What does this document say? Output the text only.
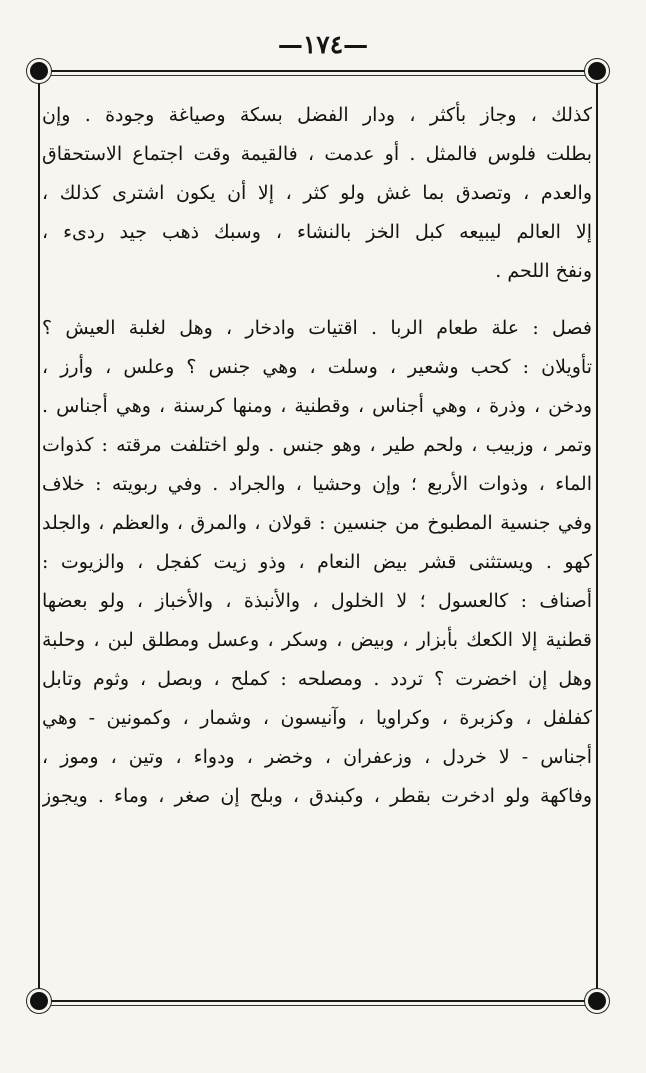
—١٧٤—
كذلك ، وجاز بأكثر ، ودار الفضل بسكة وصياغة وجودة . وإن
بطلت فلوس فالمثل . أو عدمت ، فالقيمة وقت اجتماع الاستحقاق
والعدم ، وتصدق بما غش ولو كثر ، إلا أن يكون اشترى كذلك ،
إلا العالم ليبيعه كبل الخز بالنشاء ، وسبك ذهب جيد ردىء ،
ونفخ اللحم .
فصل : علة طعام الربا . اقتيات وادخار ، وهل لغلبة العيش ؟
تأويلان : كحب وشعير ، وسلت ، وهي جنس ؟ وعلس ، وأرز ،
ودخن ، وذرة ، وهي أجناس ، وقطنية ، ومنها كرسنة ، وهي أجناس .
وتمر ، وزبيب ، ولحم طير ، وهو جنس . ولو اختلفت مرقته : كذوات
الماء ، وذوات الأربع ؛ وإن وحشيا ، والجراد . وفي ربويته : خلاف
وفي جنسية المطبوخ من جنسين : قولان ، والمرق ، والعظم ، والجلد
كهو . ويستثنى قشر بيض النعام ، وذو زيت كفجل ، والزيوت :
أصناف : كالعسول ؛ لا الخلول ، والأنبذة ، والأخباز ، ولو بعضها
قطنية إلا الكعك بأبزار ، وبيض ، وسكر ، وعسل ومطلق لبن ، وحلبة
وهل إن اخضرت ؟ تردد . ومصلحه : كملح ، وبصل ، وثوم وتابل
كفلفل ، وكزبرة ، وكراويا ، وآنيسون ، وشمار ، وكمونين - وهي
أجناس - لا خردل ، وزعفران ، وخضر ، ودواء ، وتين ، وموز ،
وفاكهة ولو ادخرت بقطر ، وكبندق ، وبلح إن صغر ، وماء . ويجوز
